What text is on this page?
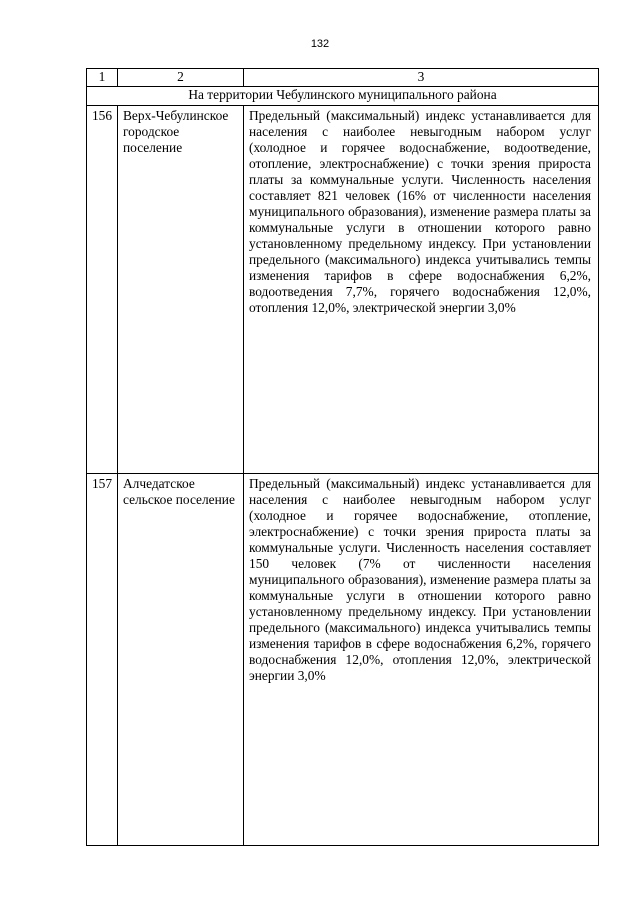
132
1	2	3
На территории Чебулинского муниципального района		
156	Верх-Чебулинское городское поселение	Предельный (максимальный) индекс устанавливается для населения с наиболее невыгодным набором услуг (холодное и горячее водоснабжение, водоотведение, отопление, электроснабжение) с точки зрения прироста платы за коммунальные услуги. Численность населения составляет 821 человек (16% от численности населения муниципального образования), изменение размера платы за коммунальные услуги в отношении которого равно установленному предельному индексу. При установлении предельного (максимального) индекса учитывались темпы изменения тарифов в сфере водоснабжения 6,2%, водоотведения 7,7%, горячего водоснабжения 12,0%, отопления 12,0%, электрической энергии 3,0%
157	Алчедатское сельское поселение	Предельный (максимальный) индекс устанавливается для населения с наиболее невыгодным набором услуг (холодное и горячее водоснабжение, отопление, электроснабжение) с точки зрения прироста платы за коммунальные услуги. Численность населения составляет 150 человек (7% от численности населения муниципального образования), изменение размера платы за коммунальные услуги в отношении которого равно установленному предельному индексу. При установлении предельного (максимального) индекса учитывались темпы изменения тарифов в сфере водоснабжения 6,2%, горячего водоснабжения 12,0%, отопления 12,0%, электрической энергии 3,0%
